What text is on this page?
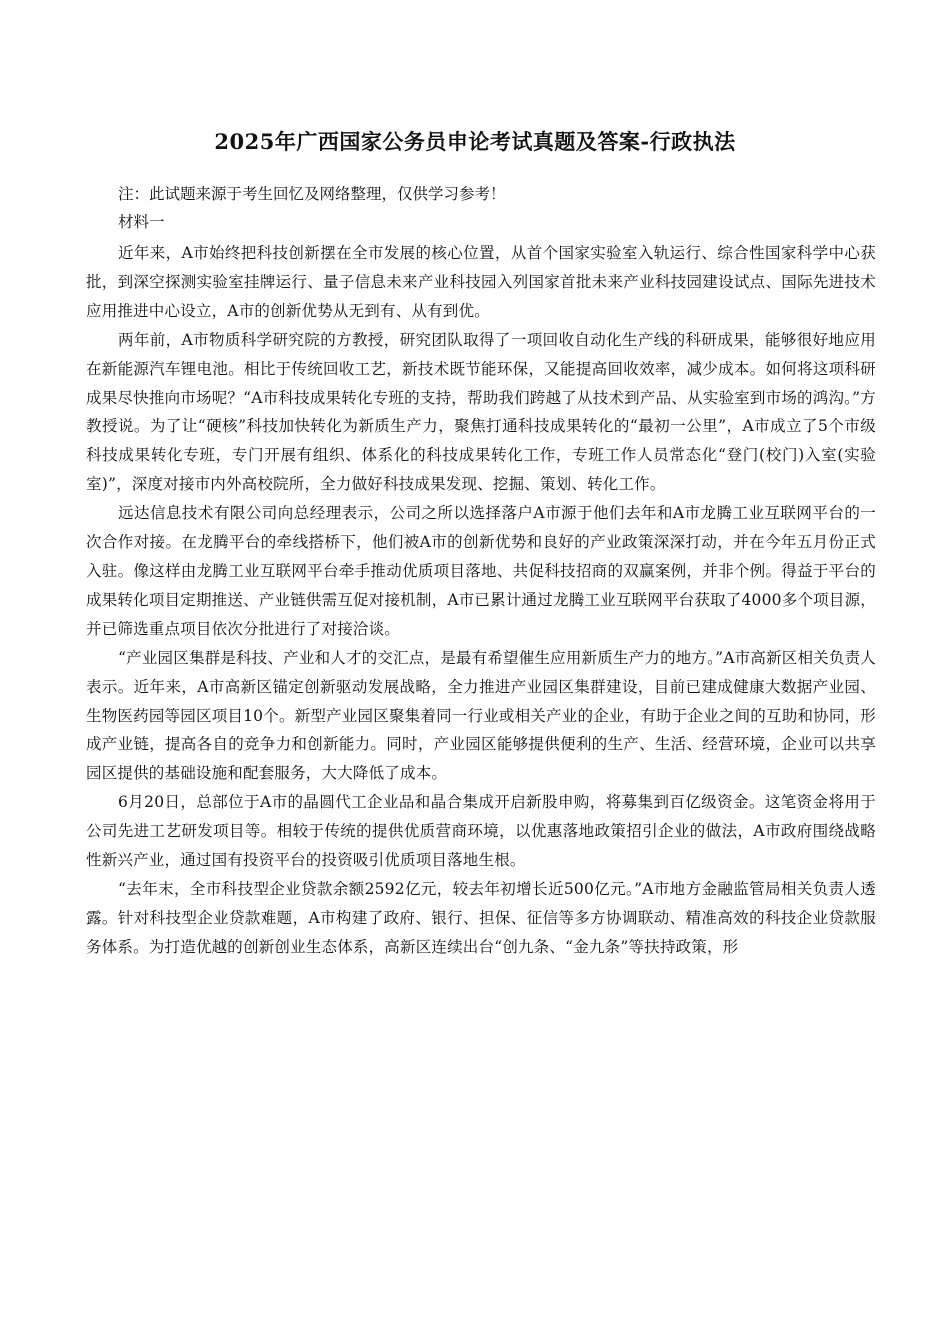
2025年广西国家公务员申论考试真题及答案-行政执法

注：此试题来源于考生回忆及网络整理，仅供学习参考！

材料一

近年来，A市始终把科技创新摆在全市发展的核心位置，从首个国家实验室入轨运行、综合性国家科学中心获批，到深空探测实验室挂牌运行、量子信息未来产业科技园入列国家首批未来产业科技园建设试点、国际先进技术应用推进中心设立，A市的创新优势从无到有、从有到优。

两年前，A市物质科学研究院的方教授，研究团队取得了一项回收自动化生产线的科研成果，能够很好地应用在新能源汽车锂电池。相比于传统回收工艺，新技术既节能环保，又能提高回收效率，减少成本。如何将这项科研成果尽快推向市场呢？“A市科技成果转化专班的支持，帮助我们跨越了从技术到产品、从实验室到市场的鸿沟。”方教授说。为了让“硬核”科技加快转化为新质生产力，聚焦打通科技成果转化的“最初一公里”，A市成立了5个市级科技成果转化专班，专门开展有组织、体系化的科技成果转化工作，专班工作人员常态化“登门(校门)入室(实验室)”，深度对接市内外高校院所，全力做好科技成果发现、挖掘、策划、转化工作。

远达信息技术有限公司向总经理表示，公司之所以选择落户A市源于他们去年和A市龙腾工业互联网平台的一次合作对接。在龙腾平台的牵线搭桥下，他们被A市的创新优势和良好的产业政策深深打动，并在今年五月份正式入驻。像这样由龙腾工业互联网平台牵手推动优质项目落地、共促科技招商的双赢案例，并非个例。得益于平台的成果转化项目定期推送、产业链供需互促对接机制，A市已累计通过龙腾工业互联网平台获取了4000多个项目源，并已筛选重点项目依次分批进行了对接洽谈。

“产业园区集群是科技、产业和人才的交汇点，是最有希望催生应用新质生产力的地方。”A市高新区相关负责人表示。近年来，A市高新区锚定创新驱动发展战略，全力推进产业园区集群建设，目前已建成健康大数据产业园、生物医药园等园区项目10个。新型产业园区聚集着同一行业或相关产业的企业，有助于企业之间的互助和协同，形成产业链，提高各自的竞争力和创新能力。同时，产业园区能够提供便利的生产、生活、经营环境，企业可以共享园区提供的基础设施和配套服务，大大降低了成本。

6月20日，总部位于A市的晶圆代工企业品和晶合集成开启新股申购，将募集到百亿级资金。这笔资金将用于公司先进工艺研发项目等。相较于传统的提供优质营商环境，以优惠落地政策招引企业的做法，A市政府围绕战略性新兴产业，通过国有投资平台的投资吸引优质项目落地生根。

“去年末，全市科技型企业贷款余额2592亿元，较去年初增长近500亿元。”A市地方金融监管局相关负责人透露。针对科技型企业贷款难题，A市构建了政府、银行、担保、征信等多方协调联动、精准高效的科技企业贷款服务体系。为打造优越的创新创业生态体系，高新区连续出台“创九条、“金九条”等扶持政策，形
